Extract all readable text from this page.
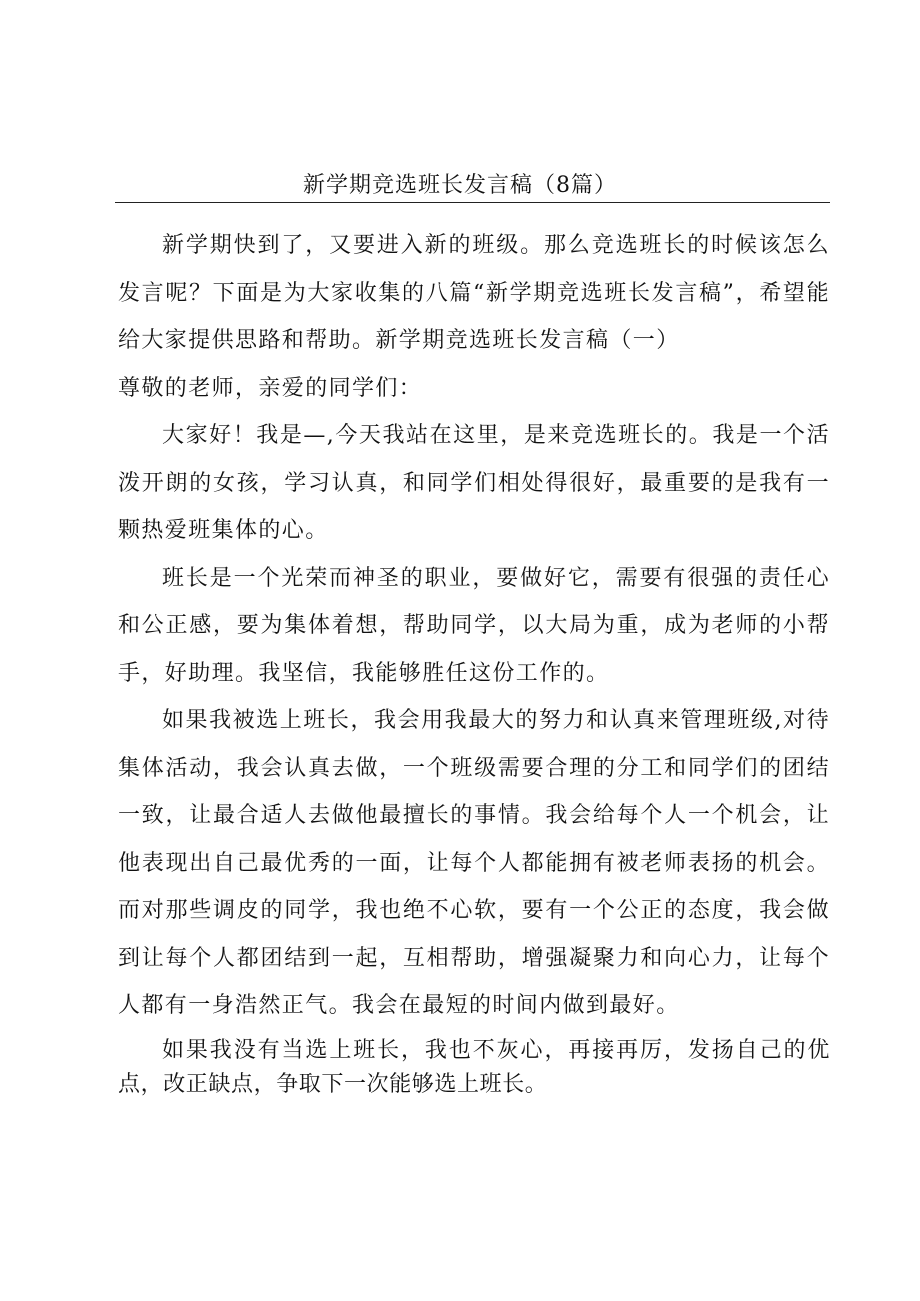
新学期竞选班长发言稿（8篇）

新学期快到了，又要进入新的班级。那么竞选班长的时候该怎么发言呢？下面是为大家收集的八篇“新学期竞选班长发言稿”，希望能给大家提供思路和帮助。新学期竞选班长发言稿（一）

尊敬的老师，亲爱的同学们：

大家好！我是—,今天我站在这里，是来竞选班长的。我是一个活泼开朗的女孩，学习认真，和同学们相处得很好，最重要的是我有一颗热爱班集体的心。

班长是一个光荣而神圣的职业，要做好它，需要有很强的责任心和公正感，要为集体着想，帮助同学，以大局为重，成为老师的小帮手，好助理。我坚信，我能够胜任这份工作的。

如果我被选上班长，我会用我最大的努力和认真来管理班级,对待集体活动，我会认真去做，一个班级需要合理的分工和同学们的团结一致，让最合适人去做他最擅长的事情。我会给每个人一个机会，让他表现出自己最优秀的一面，让每个人都能拥有被老师表扬的机会。而对那些调皮的同学，我也绝不心软，要有一个公正的态度，我会做到让每个人都团结到一起，互相帮助，增强凝聚力和向心力，让每个人都有一身浩然正气。我会在最短的时间内做到最好。

如果我没有当选上班长，我也不灰心，再接再厉，发扬自己的优点，改正缺点，争取下一次能够选上班长。
